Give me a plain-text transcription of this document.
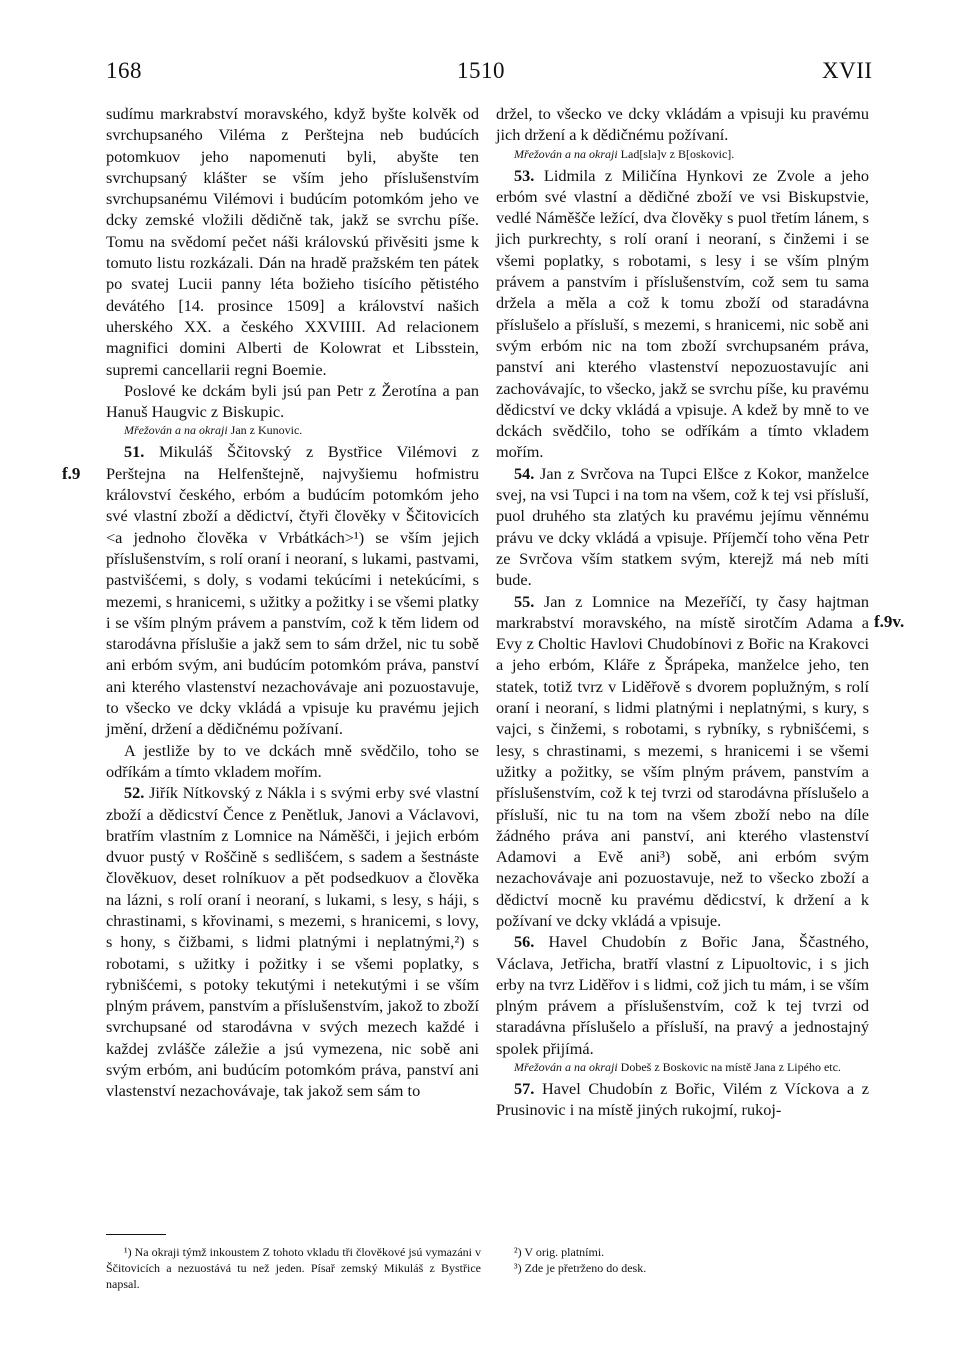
168	1510	XVII
f.9
f.9v.

sudímu markrabství moravského, když byšte kolvěk od svrchupsaného Viléma z Perštejna neb budúcích potomkuov jeho napomenuti byli, abyšte ten svrchupsaný klášter se vším jeho příslušenstvím svrchupsanému Vilémovi i budúcím potomkóm jeho ve dcky zemské vložili dědičně tak, jakž se svrchu píše. Tomu na svědomí pečet náši královskú přivěsiti jsme k tomuto listu rozkázali. Dán na hradě pražském ten pátek po svatej Lucii panny léta božieho tisícího pětistého devátého [14. prosince 1509] a království našich uherského XX. a českého XXVIIII. Ad relacionem magnifici domini Alberti de Kolowrat et Libsstein, supremi cancellarii regni Boemie.

Poslové ke dckám byli jsú pan Petr z Žerotína a pan Hanuš Haugvic z Biskupic.

Mřežován a na okraji Jan z Kunovic.

51. Mikuláš Ščitovský z Bystřice Vilémovi z Perštejna na Helfenštejně, najvyšiemu hofmistru království českého, erbóm a budúcím potomkóm jeho své vlastní zboží a dědictví, čtyři člověky v Ščitovicích <a jednoho člověka v Vrbátkách>¹) se vším jejich příslušenstvím, s rolí oraní i neoraní, s lukami, pastvami, pastvišćemi, s doly, s vodami tekúcími i netekúcími, s mezemi, s hranicemi, s užitky a požitky i se všemi platky i se vším plným právem a panstvím, což k těm lidem od starodávna příslušie a jakž sem to sám držel, nic tu sobě ani erbóm svým, ani budúcím potomkóm práva, panství ani kterého vlastenství nezachovávaje ani pozuostavuje, to všecko ve dcky vkládá a vpisuje ku pravému jejich jmění, držení a dědičnému požívaní.

A jestliže by to ve dckách mně svědčilo, toho se odříkám a tímto vkladem mořím.

52. Jiřík Nítkovský z Nákla i s svými erby své vlastní zboží a dědicství Čence z Penětluk, Janovi a Václavovi, bratřím vlastním z Lomnice na Náměšči, i jejich erbóm dvuor pustý v Roščině s sedlišćem, s sadem a šestnáste člověkuov, deset rolníkuov a pět podsedkuov a člověka na lázni, s rolí oraní i neoraní, s lukami, s lesy, s háji, s chrastinami, s křovinami, s mezemi, s hranicemi, s lovy, s hony, s čižbami, s lidmi platnými i neplatnými,²) s robotami, s užitky i požitky i se všemi poplatky, s rybnišćemi, s potoky tekutými i netekutými i se vším plným právem, panstvím a příslušenstvím, jakož to zboží svrchupsané od starodávna v svých mezech každé i každej zvlášče záležie a jsú vymezena, nic sobě ani svým erbóm, ani budúcím potomkóm práva, panství ani vlastenství nezachovávaje, tak jakož sem sám to

držel, to všecko ve dcky vkládám a vpisuji ku pravému jich držení a k dědičnému požívaní.

Mřežován a na okraji Lad[sla]v z B[oskovic].

53. Lidmila z Miličína Hynkovi ze Zvole a jeho erbóm své vlastní a dědičné zboží ve vsi Biskupstvie, vedlé Náměšče ležící, dva člověky s puol třetím lánem, s jich purkrechty, s rolí oraní i neoraní, s činžemi i se všemi poplatky, s robotami, s lesy i se vším plným právem a panstvím i příslušenstvím, což sem tu sama držela a měla a což k tomu zboží od staradávna příslušelo a přísluší, s mezemi, s hranicemi, nic sobě ani svým erbóm nic na tom zboží svrchupsaném práva, panství ani kterého vlastenství nepozuostavujíc ani zachovávajíc, to všecko, jakž se svrchu píše, ku pravému dědicství ve dcky vkládá a vpisuje. A kdež by mně to ve dckách svědčilo, toho se odříkám a tímto vkladem mořím.

54. Jan z Svrčova na Tupci Elšce z Kokor, manželce svej, na vsi Tupci i na tom na všem, což k tej vsi přísluší, puol druhého sta zlatých ku pravému jejímu věnnému právu ve dcky vkládá a vpisuje. Příjemčí toho věna Petr ze Svrčova vším statkem svým, kterejž má neb míti bude.

55. Jan z Lomnice na Mezeříčí, ty časy hajtman markrabství moravského, na místě sirotčím Adama a Evy z Choltic Havlovi Chudobínovi z Bořic na Krakovci a jeho erbóm, Kláře z Šprápeka, manželce jeho, ten statek, totiž tvrz v Liděřově s dvorem poplužným, s rolí oraní i neoraní, s lidmi platnými i neplatnými, s kury, s vajci, s činžemi, s robotami, s rybníky, s rybnišćemi, s lesy, s chrastinami, s mezemi, s hranicemi i se všemi užitky a požitky, se vším plným právem, panstvím a příslušenstvím, což k tej tvrzi od starodávna příslušelo a přísluší, nic tu na tom na všem zboží nebo na díle žádného práva ani panství, ani kterého vlastenství Adamovi a Evě ani³) sobě, ani erbóm svým nezachovávaje ani pozuostavuje, než to všecko zboží a dědictví mocně ku pravému dědicství, k držení a k požívaní ve dcky vkládá a vpisuje.

56. Havel Chudobín z Bořic Jana, Ščastného, Václava, Jetřicha, bratří vlastní z Lipuoltovic, i s jich erby na tvrz Liděřov i s lidmi, což jich tu mám, i se vším plným právem a příslušenstvím, což k tej tvrzi od staradávna příslušelo a přísluší, na pravý a jednostajný spolek přijímá.

Mřežován a na okraji Dobeš z Boskovic na místě Jana z Lipého etc.

57. Havel Chudobín z Bořic, Vilém z Víckova a z Prusinovic i na místě jiných rukojmí, rukoj-

¹) Na okraji týmž inkoustem Z tohoto vkladu tři člověkové jsú vymazáni v Ščitovicích a nezuostává tu než jeden. Písař zemský Mikuláš z Bystřice napsal.

²) V orig. platními.

³) Zde je přetrženo do desk.
